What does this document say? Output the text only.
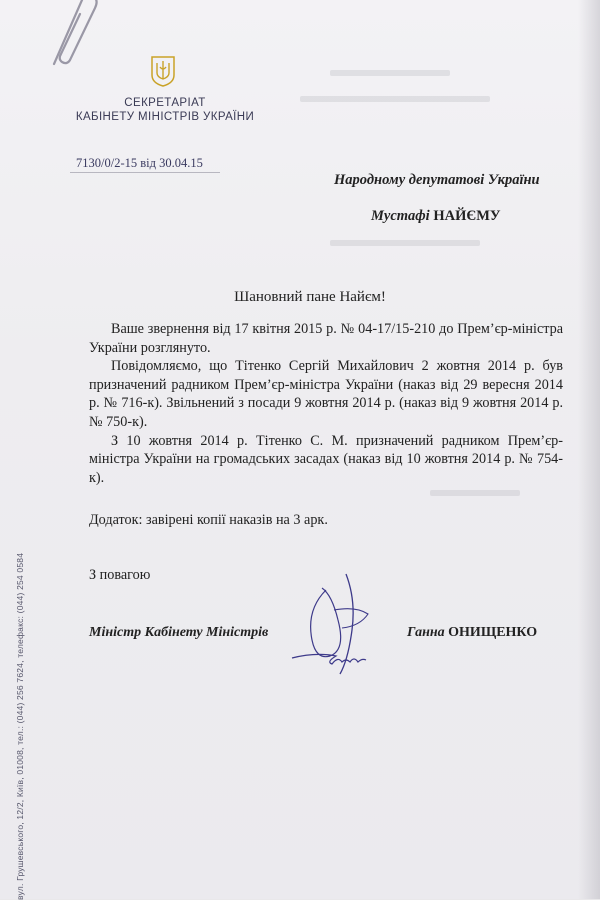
СЕКРЕТАРІАТ
КАБІНЕТУ МІНІСТРІВ УКРАЇНИ
7130/0/2-15 від 30.04.15
Народному депутатові України
Мустафі НАЙЄМУ
Шановний пане Найєм!

Ваше звернення від 17 квітня 2015 р. № 04-17/15-210 до Прем’єр-міністра України розглянуто.

Повідомляємо, що Тітенко Сергій Михайлович 2 жовтня 2014 р. був призначений радником Прем’єр-міністра України (наказ від 29 вересня 2014 р. № 716-к). Звільнений з посади 9 жовтня 2014 р. (наказ від 9 жовтня 2014 р. № 750-к).

З 10 жовтня 2014 р. Тітенко С. М. призначений радником Прем’єр-міністра України на громадських засадах (наказ від 10 жовтня 2014 р. № 754-к).

Додаток: завірені копії наказів на 3 арк.
З повагою
Міністр Кабінету Міністрів	Ганна ОНИЩЕНКО
вул. Грушевського, 12/2, Київ, 01008, тел.: (044) 256 7624, телефакс: (044) 254 0584
